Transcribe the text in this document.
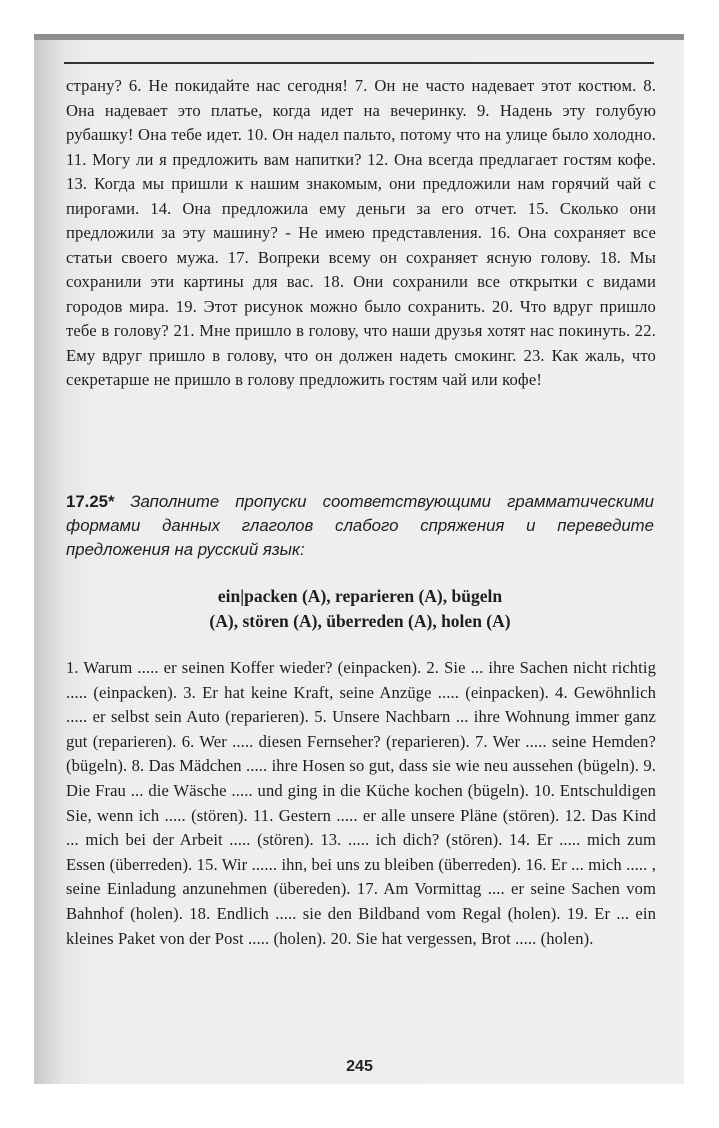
страну? 6. Не покидайте нас сегодня! 7. Он не часто надевает этот костюм. 8. Она надевает это платье, когда идет на вечеринку. 9. Надень эту голубую рубашку! Она тебе идет. 10. Он надел пальто, потому что на улице было холодно. 11. Могу ли я предложить вам напитки? 12. Она всегда предлагает гостям кофе. 13. Когда мы пришли к нашим знакомым, они предложили нам горячий чай с пирогами. 14. Она предложила ему деньги за его отчет. 15. Сколько они предложили за эту машину? - Не имею представления. 16. Она сохраняет все статьи своего мужа. 17. Вопреки всему он сохраняет ясную голову. 18. Мы сохранили эти картины для вас. 18. Они сохранили все открытки с видами городов мира. 19. Этот рисунок можно было сохранить. 20. Что вдруг пришло тебе в голову? 21. Мне пришло в голову, что наши друзья хотят нас покинуть. 22. Ему вдруг пришло в голову, что он должен надеть смокинг. 23. Как жаль, что секретарше не пришло в голову предложить гостям чай или кофе!

17.25* Заполните пропуски соответствующими грамматическими формами данных глаголов слабого спряжения и переведите предложения на русский язык:

ein|packen (A), reparieren (A), bügeln
(A), stören (A), überreden (A), holen (A)

1. Warum ..... er seinen Koffer wieder? (einpacken). 2. Sie ... ihre Sachen nicht richtig ..... (einpacken). 3. Er hat keine Kraft, seine Anzüge ..... (einpacken). 4. Gewöhnlich ..... er selbst sein Auto (reparieren). 5. Unsere Nachbarn ... ihre Wohnung immer ganz gut (reparieren). 6. Wer ..... diesen Fernseher? (reparieren). 7. Wer ..... seine Hemden? (bügeln). 8. Das Mädchen ..... ihre Hosen so gut, dass sie wie neu aussehen (bügeln). 9. Die Frau ... die Wäsche ..... und ging in die Küche kochen (bügeln). 10. Entschuldigen Sie, wenn ich ..... (stören). 11. Gestern ..... er alle unsere Pläne (stören). 12. Das Kind ... mich bei der Arbeit ..... (stören). 13. ..... ich dich? (stören). 14. Er ..... mich zum Essen (überreden). 15. Wir ...... ihn, bei uns zu bleiben (überreden). 16. Er ... mich ..... , seine Einladung anzunehmen (übereden). 17. Am Vormittag .... er seine Sachen vom Bahnhof (holen). 18. Endlich ..... sie den Bildband vom Regal (holen). 19. Er ... ein kleines Paket von der Post ..... (holen). 20. Sie hat vergessen, Brot ..... (holen).

245
